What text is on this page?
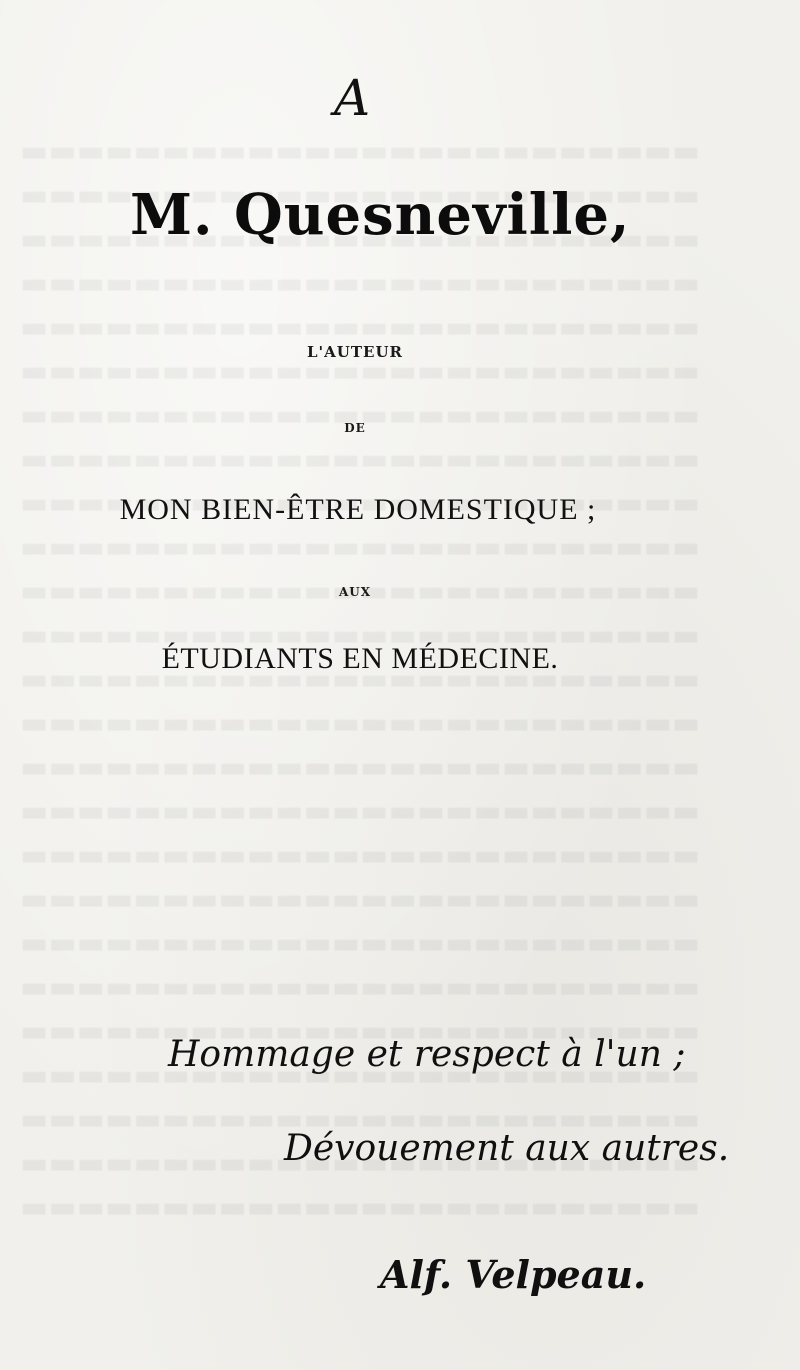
A
M. Quesneville,
L'AUTEUR
DE
MON BIEN-ÊTRE DOMESTIQUE ;
AUX
ÉTUDIANTS EN MÉDECINE.
Hommage et respect à l'un ;
Dévouement aux autres.
Alf. Velpeau.
